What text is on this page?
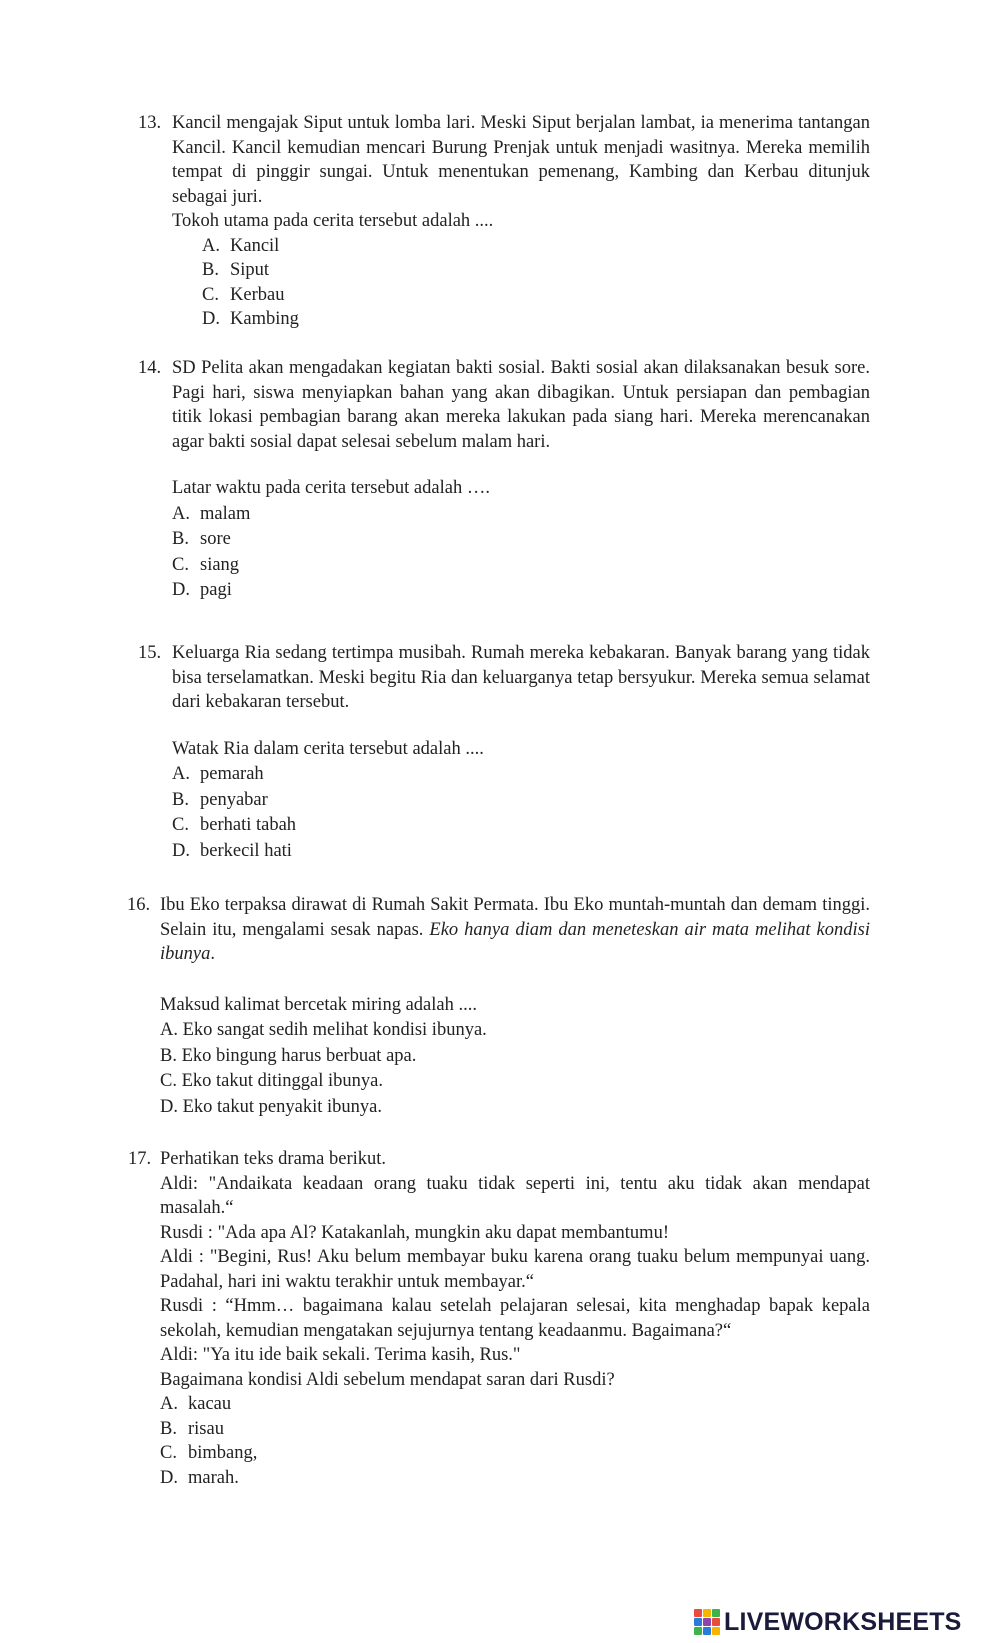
13. Kancil mengajak Siput untuk lomba lari. Meski Siput berjalan lambat, ia menerima tantangan Kancil. Kancil kemudian mencari Burung Prenjak untuk menjadi wasitnya. Mereka memilih tempat di pinggir sungai. Untuk menentukan pemenang, Kambing dan Kerbau ditunjuk sebagai juri.
Tokoh utama pada cerita tersebut adalah ....
A. Kancil
B. Siput
C. Kerbau
D. Kambing
14. SD Pelita akan mengadakan kegiatan bakti sosial. Bakti sosial akan dilaksanakan besuk sore. Pagi hari, siswa menyiapkan bahan yang akan dibagikan. Untuk persiapan dan pembagian titik lokasi pembagian barang akan mereka lakukan pada siang hari. Mereka merencanakan agar bakti sosial dapat selesai sebelum malam hari.
Latar waktu pada cerita tersebut adalah ….
A. malam
B. sore
C. siang
D. pagi
15. Keluarga Ria sedang tertimpa musibah. Rumah mereka kebakaran. Banyak barang yang tidak bisa terselamatkan. Meski begitu Ria dan keluarganya tetap bersyukur. Mereka semua selamat dari kebakaran tersebut.
Watak Ria dalam cerita tersebut adalah ....
A. pemarah
B. penyabar
C. berhati tabah
D. berkecil hati
16. Ibu Eko terpaksa dirawat di Rumah Sakit Permata. Ibu Eko muntah-muntah dan demam tinggi. Selain itu, mengalami sesak napas. Eko hanya diam dan meneteskan air mata melihat kondisi ibunya.
Maksud kalimat bercetak miring adalah ....
A. Eko sangat sedih melihat kondisi ibunya.
B. Eko bingung harus berbuat apa.
C. Eko takut ditinggal ibunya.
D. Eko takut penyakit ibunya.
17. Perhatikan teks drama berikut.
Aldi: "Andaikata keadaan orang tuaku tidak seperti ini, tentu aku tidak akan mendapat masalah.“
Rusdi : "Ada apa Al? Katakanlah, mungkin aku dapat membantumu!
Aldi : "Begini, Rus! Aku belum membayar buku karena orang tuaku belum mempunyai uang. Padahal, hari ini waktu terakhir untuk membayar.“
Rusdi : “Hmm… bagaimana kalau setelah pelajaran selesai, kita menghadap bapak kepala sekolah, kemudian mengatakan sejujurnya tentang keadaanmu. Bagaimana?“
Aldi: "Ya itu ide baik sekali. Terima kasih, Rus."
Bagaimana kondisi Aldi sebelum mendapat saran dari Rusdi?
A. kacau
B. risau
C. bimbang,
D. marah.
LIVEWORKSHEETS
